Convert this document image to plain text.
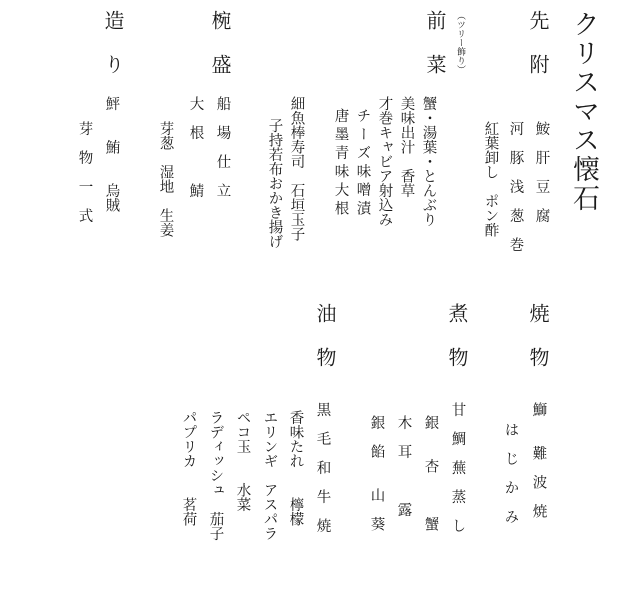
クリスマス懐石
先附
鮟　肝　豆　腐
河　豚　浅　葱　巻
紅葉卸し　ポン酢
（ツリー飾り）
前菜
蟹・湯葉・とんぶり
美味出汁　香草
才巻キャビア射込み
チーズ味噌漬
唐墨青味大根
細魚棒寿司　石垣玉子
子持若布おかき揚げ
椀盛
船　場　仕　立
大　根　　　鯖
芽葱　湿地　生姜
造り
鮃　　鮪　　烏賊
芽　物　一　式
焼物
鰤　　難　波　焼
は　じ　か　み
煮物
甘　鯛　蕪　蒸　し
銀　　杏　　　蟹
木　耳　　　露
銀　餡　　山　葵
油物
黒　毛　和　牛　焼
香味たれ　　檸檬
エリンギ　アスパラ
ペコ玉　　水菜
ラディッシュ　茄子
パプリカ　　茗荷
